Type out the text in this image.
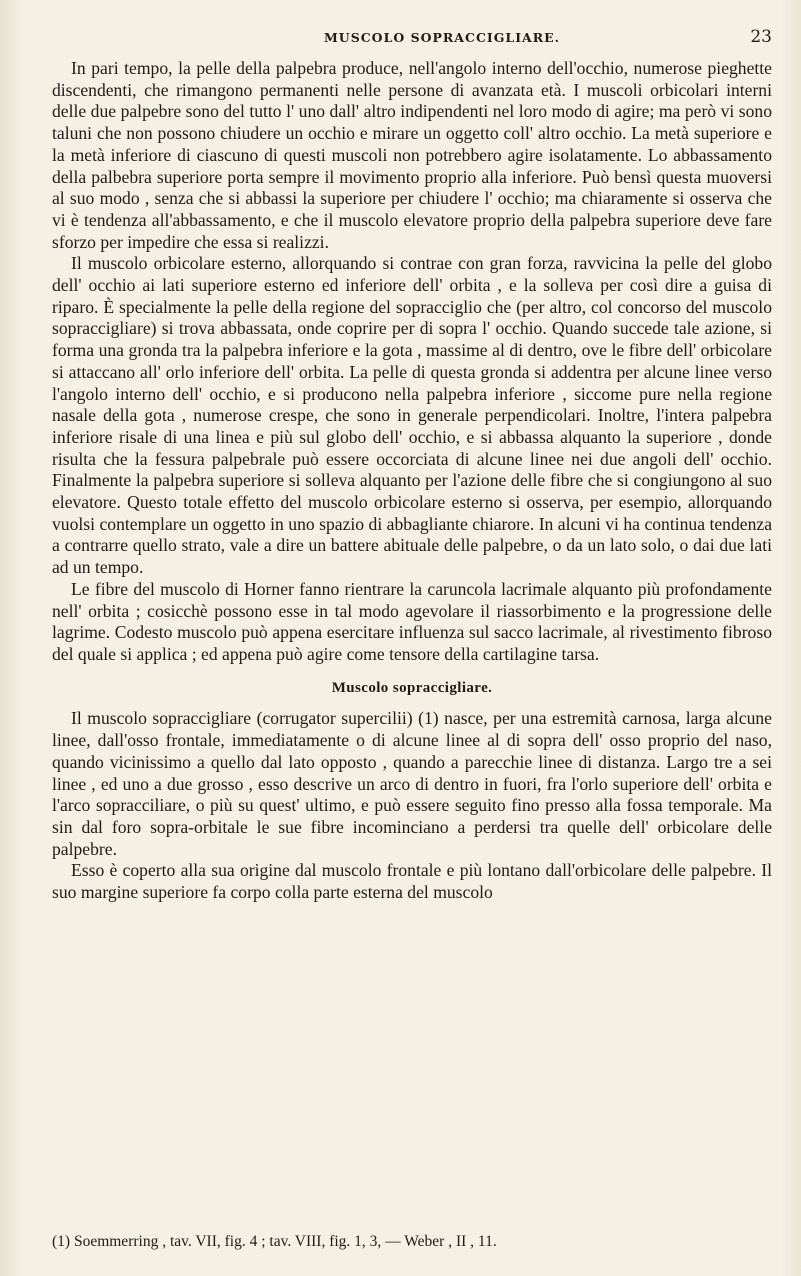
MUSCOLO SOPRACCIGLIARE.	23

In pari tempo, la pelle della palpebra produce, nell'angolo interno dell'occhio, numerose pieghette discendenti, che rimangono permanenti nelle persone di avanzata età. I muscoli orbicolari interni delle due palpebre sono del tutto l' uno dall' altro indipendenti nel loro modo di agire; ma però vi sono taluni che non possono chiudere un occhio e mirare un oggetto coll' altro occhio. La metà superiore e la metà inferiore di ciascuno di questi muscoli non potrebbero agire isolatamente. Lo abbassamento della palbebra superiore porta sempre il movimento proprio alla inferiore. Può bensì questa muoversi al suo modo , senza che si abbassi la superiore per chiudere l' occhio; ma chiaramente si osserva che vi è tendenza all'abbassamento, e che il muscolo elevatore proprio della palpebra superiore deve fare sforzo per impedire che essa si realizzi.

Il muscolo orbicolare esterno, allorquando si contrae con gran forza, ravvicina la pelle del globo dell' occhio ai lati superiore esterno ed inferiore dell' orbita , e la solleva per così dire a guisa di riparo. È specialmente la pelle della regione del sopracciglio che (per altro, col concorso del muscolo sopraccigliare) si trova abbassata, onde coprire per di sopra l' occhio. Quando succede tale azione, si forma una gronda tra la palpebra inferiore e la gota , massime al di dentro, ove le fibre dell' orbicolare si attaccano all' orlo inferiore dell' orbita. La pelle di questa gronda si addentra per alcune linee verso l'angolo interno dell' occhio, e si producono nella palpebra inferiore , siccome pure nella regione nasale della gota , numerose crespe, che sono in generale perpendicolari. Inoltre, l'intera palpebra inferiore risale di una linea e più sul globo dell' occhio, e si abbassa alquanto la superiore , donde risulta che la fessura palpebrale può essere occorciata di alcune linee nei due angoli dell' occhio. Finalmente la palpebra superiore si solleva alquanto per l'azione delle fibre che si congiungono al suo elevatore. Questo totale effetto del muscolo orbicolare esterno si osserva, per esempio, allorquando vuolsi contemplare un oggetto in uno spazio di abbagliante chiarore. In alcuni vi ha continua tendenza a contrarre quello strato, vale a dire un battere abituale delle palpebre, o da un lato solo, o dai due lati ad un tempo.

Le fibre del muscolo di Horner fanno rientrare la caruncola lacrimale alquanto più profondamente nell' orbita ; cosicchè possono esse in tal modo agevolare il riassorbimento e la progressione delle lagrime. Codesto muscolo può appena esercitare influenza sul sacco lacrimale, al rivestimento fibroso del quale si applica ; ed appena può agire come tensore della cartilagine tarsa.

Muscolo sopraccigliare.

Il muscolo sopraccigliare (corrugator supercilii) (1) nasce, per una estremità carnosa, larga alcune linee, dall'osso frontale, immediatamente o di alcune linee al di sopra dell' osso proprio del naso, quando vicinissimo a quello dal lato opposto , quando a parecchie linee di distanza. Largo tre a sei linee , ed uno a due grosso , esso descrive un arco di dentro in fuori, fra l'orlo superiore dell' orbita e l'arco sopracciliare, o più su quest' ultimo, e può essere seguito fino presso alla fossa temporale. Ma sin dal foro sopra-orbitale le sue fibre incominciano a perdersi tra quelle dell' orbicolare delle palpebre.

Esso è coperto alla sua origine dal muscolo frontale e più lontano dall'orbicolare delle palpebre. Il suo margine superiore fa corpo colla parte esterna del muscolo

(1) Soemmerring , tav. VII, fig. 4 ; tav. VIII, fig. 1, 3, — Weber , II , 11.
